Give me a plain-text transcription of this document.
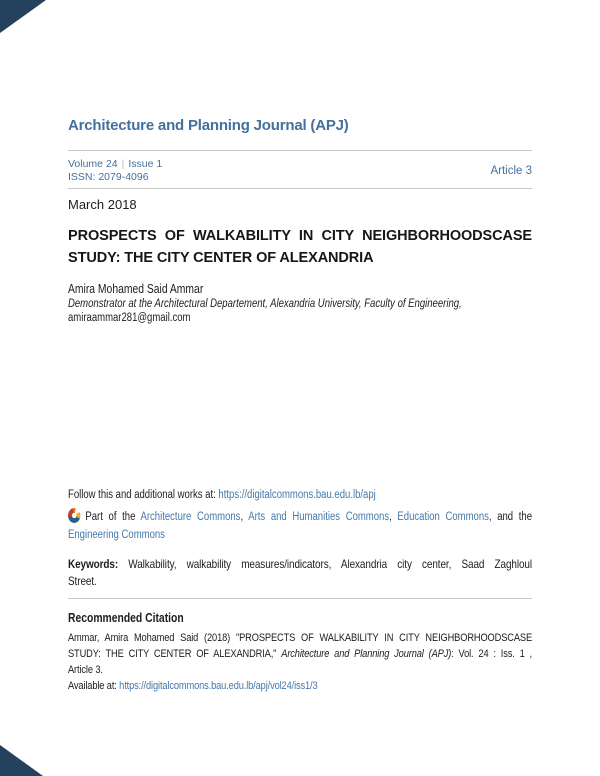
Architecture and Planning Journal (APJ)
Volume 24 | Issue 1
ISSN: 2079-4096	Article 3
March 2018
PROSPECTS OF WALKABILITY IN CITY NEIGHBORHOODSCASE
STUDY: THE CITY CENTER OF ALEXANDRIA
Amira Mohamed Said Ammar
Demonstrator at the Architectural Departement, Alexandria University, Faculty of Engineering,
amiraammar281@gmail.com
Follow this and additional works at: https://digitalcommons.bau.edu.lb/apj
Part of the Architecture Commons, Arts and Humanities Commons, Education Commons, and the
Engineering Commons
Keywords: Walkability, walkability measures/indicators, Alexandria city center, Saad Zaghloul
Street.
Recommended Citation
Ammar, Amira Mohamed Said (2018) "PROSPECTS OF WALKABILITY IN CITY NEIGHBORHOODSCASE
STUDY: THE CITY CENTER OF ALEXANDRIA," Architecture and Planning Journal (APJ): Vol. 24 : Iss. 1 ,
Article 3.
Available at: https://digitalcommons.bau.edu.lb/apj/vol24/iss1/3
